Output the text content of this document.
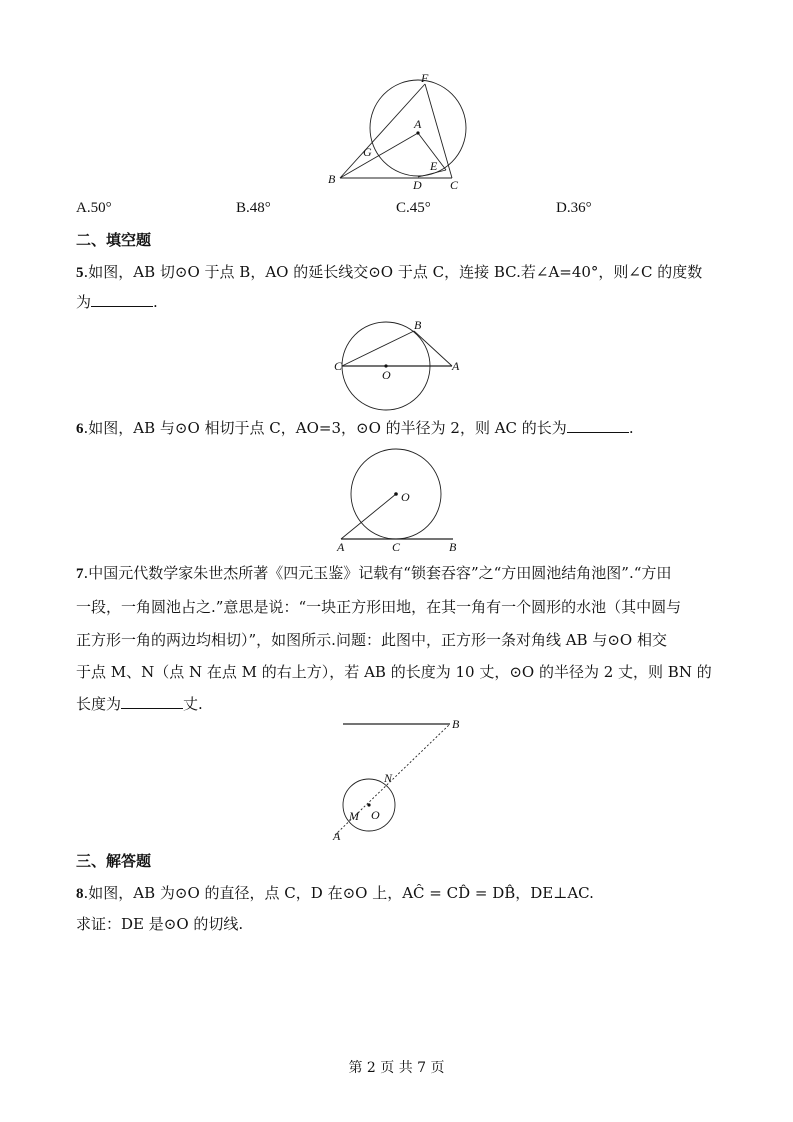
F
A
G
E
B	D C
A.50°	B.48°	C.45°	D.36°
二、填空题
5.如图，AB 切⊙O 于点 B，AO 的延长线交⊙O 于点 C，连接 BC.若∠A=40°，则∠C 的度数
为	.
C
O
A
B
6.如图，AB 与⊙O 相切于点 C，AO=3，⊙O 的半径为 2，则 AC 的长为	.
O
A	C	B
7.中国元代数学家朱世杰所著《四元玉鉴》记载有“锁套吞容”之“方田圆池结角池图”.“方田
一段，一角圆池占之.”意思是说：“一块正方形田地，在其一角有一个圆形的水池（其中圆与
正方形一角的两边均相切）”，如图所示.问题：此图中，正方形一条对角线 AB 与⊙O 相交
于点 M、N（点 N 在点 M 的右上方），若 AB 的长度为 10 丈，⊙O 的半径为 2 丈，则 BN 的
长度为	丈.
B
N
M O
A
三、解答题
8.如图，AB 为⊙O 的直径，点 C，D 在⊙O 上，AĈ = CD̂ = DB̂，DE⊥AC.
求证：DE 是⊙O 的切线.
第 2 页 共 7 页
